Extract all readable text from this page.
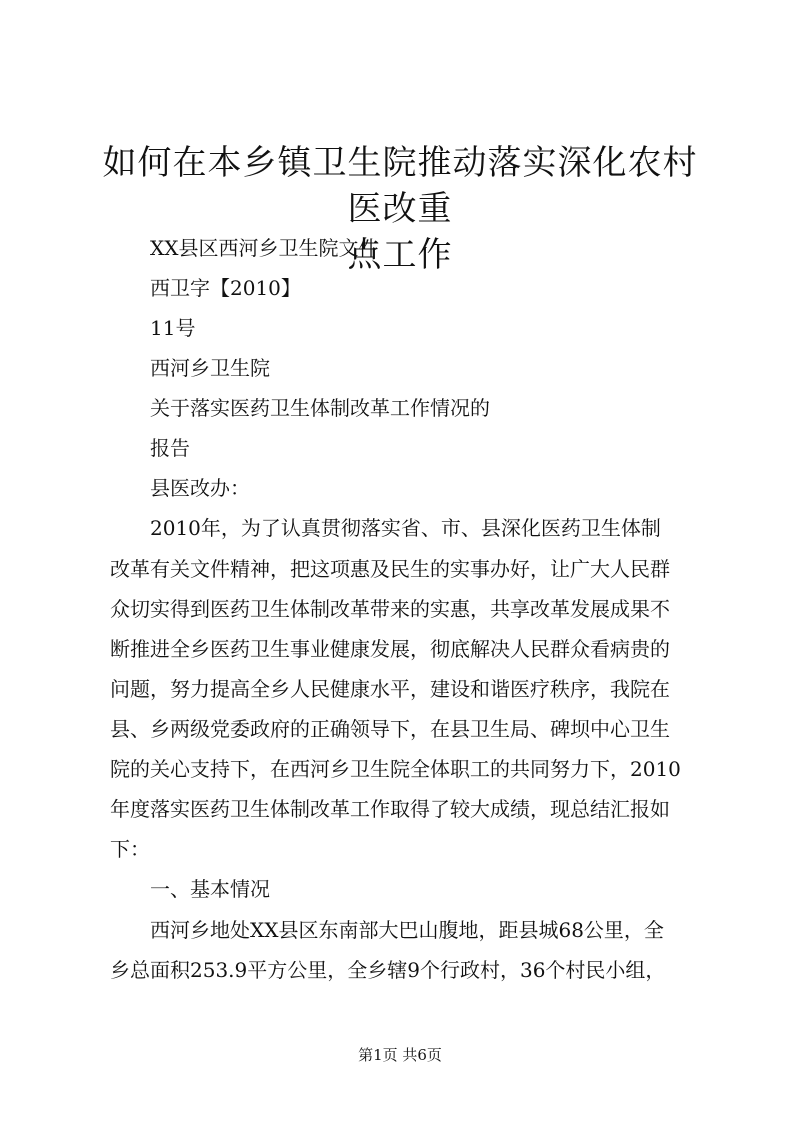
如何在本乡镇卫生院推动落实深化农村医改重
点工作
XX县区西河乡卫生院文件
西卫字【2010】
11号
西河乡卫生院
关于落实医药卫生体制改革工作情况的
报告
县医改办：
2010年，为了认真贯彻落实省、市、县深化医药卫生体制
改革有关文件精神，把这项惠及民生的实事办好，让广大人民群
众切实得到医药卫生体制改革带来的实惠，共享改革发展成果不
断推进全乡医药卫生事业健康发展，彻底解决人民群众看病贵的
问题，努力提高全乡人民健康水平，建设和谐医疗秩序，我院在
县、乡两级党委政府的正确领导下，在县卫生局、碑坝中心卫生
院的关心支持下，在西河乡卫生院全体职工的共同努力下，2010
年度落实医药卫生体制改革工作取得了较大成绩，现总结汇报如
下：
一、基本情况
西河乡地处XX县区东南部大巴山腹地，距县城68公里，全
乡总面积253.9平方公里，全乡辖9个行政村，36个村民小组，
第1页 共6页
